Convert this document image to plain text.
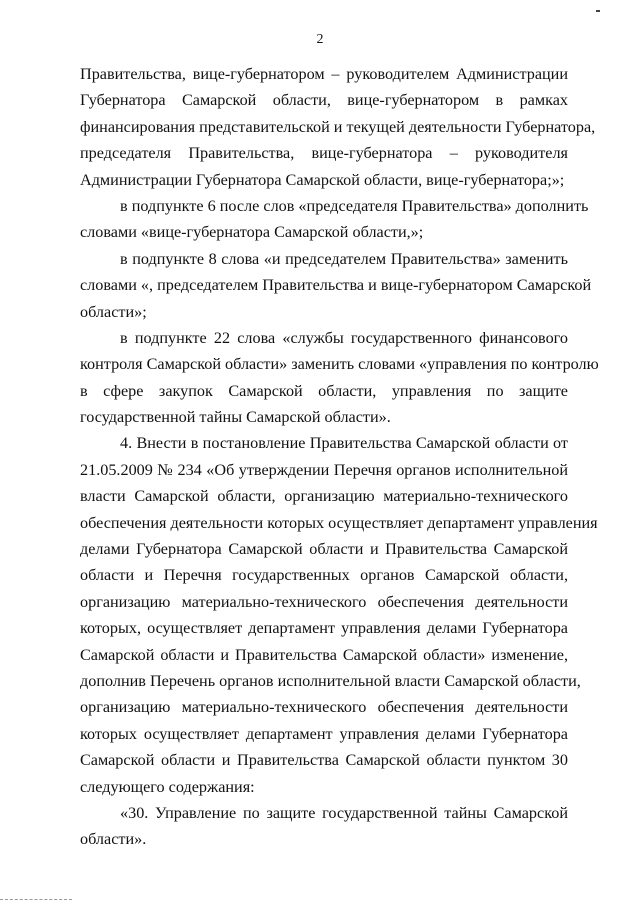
2
Правительства, вице-губернатором – руководителем Администрации
Губернатора Самарской области, вице-губернатором в рамках
финансирования представительской и текущей деятельности Губернатора,
председателя Правительства, вице-губернатора – руководителя
Администрации Губернатора Самарской области, вице-губернатора;»;
в подпункте 6 после слов «председателя Правительства» дополнить
словами «вице-губернатора Самарской области,»;
в подпункте 8 слова «и председателем Правительства» заменить
словами «, председателем Правительства и вице-губернатором Самарской
области»;
в подпункте 22 слова «службы государственного финансового
контроля Самарской области» заменить словами «управления по контролю
в сфере закупок Самарской области, управления по защите
государственной тайны Самарской области».
4. Внести в постановление Правительства Самарской области от
21.05.2009 № 234 «Об утверждении Перечня органов исполнительной
власти Самарской области, организацию материально-технического
обеспечения деятельности которых осуществляет департамент управления
делами Губернатора Самарской области и Правительства Самарской
области и Перечня государственных органов Самарской области,
организацию материально-технического обеспечения деятельности
которых, осуществляет департамент управления делами Губернатора
Самарской области и Правительства Самарской области» изменение,
дополнив Перечень органов исполнительной власти Самарской области,
организацию материально-технического обеспечения деятельности
которых осуществляет департамент управления делами Губернатора
Самарской области и Правительства Самарской области пунктом 30
следующего содержания:
«30. Управление по защите государственной тайны Самарской
области».
